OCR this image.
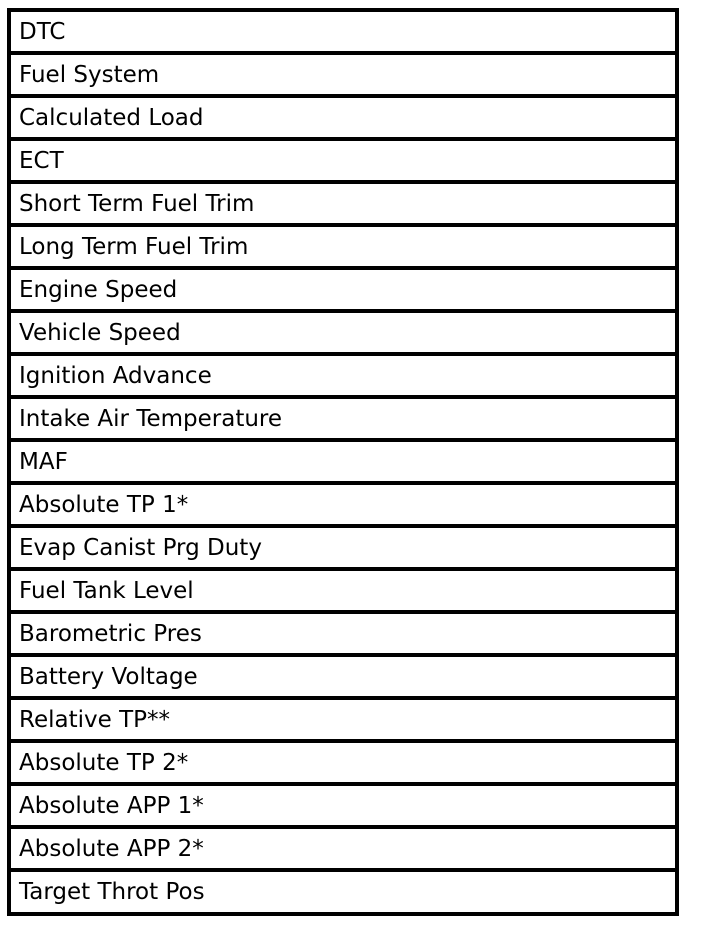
DTC
Fuel System
Calculated Load
ECT
Short Term Fuel Trim
Long Term Fuel Trim
Engine Speed
Vehicle Speed
Ignition Advance
Intake Air Temperature
MAF
Absolute TP 1*
Evap Canist Prg Duty
Fuel Tank Level
Barometric Pres
Battery Voltage
Relative TP**
Absolute TP 2*
Absolute APP 1*
Absolute APP 2*
Target Throt Pos
